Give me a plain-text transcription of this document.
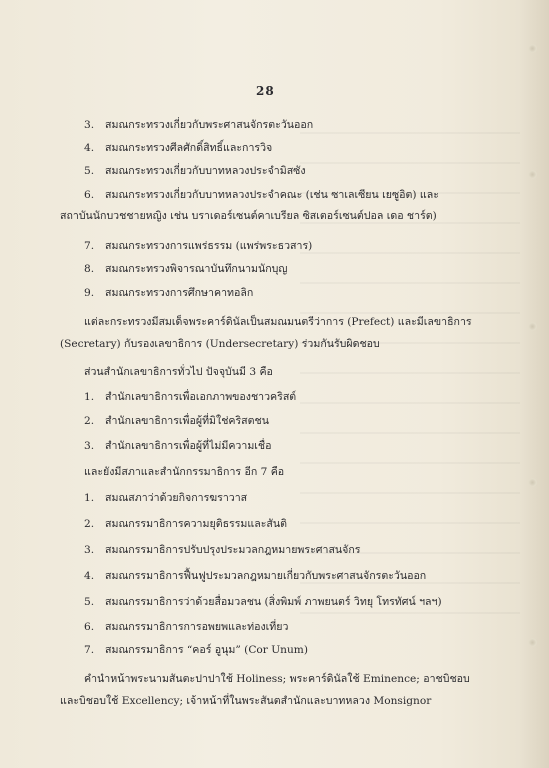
28
3. สมณกระทรวงเกี่ยวกับพระศาสนจักรตะวันออก
4. สมณกระทรวงศีลศักดิ์สิทธิ์และการวิจ
5. สมณกระทรวงเกี่ยวกับบาทหลวงประจำมิสซัง
6. สมณกระทรวงเกี่ยวกับบาทหลวงประจำคณะ (เช่น ซาเลเซียน เยซูอิต) และ
สถาบันนักบวชชายหญิง เช่น บราเดอร์เซนต์คาเบรียล ซิสเตอร์เซนต์ปอล เดอ ชาร์ต)
7. สมณกระทรวงการแพร่ธรรม (แพร่พระธวสาร)
8. สมณกระทรวงพิจารณาบันทึกนามนักบุญ
9. สมณกระทรวงการศึกษาคาทอลิก
แต่ละกระทรวงมีสมเด็จพระคาร์ดินัลเป็นสมณมนตรีว่าการ (Prefect) และมีเลขาธิการ
(Secretary) กับรองเลขาธิการ (Undersecretary) ร่วมกันรับผิดชอบ
ส่วนสำนักเลขาธิการทั่วไป ปัจจุบันมี 3 คือ
1. สำนักเลขาธิการเพื่อเอกภาพของชาวคริสต์
2. สำนักเลขาธิการเพื่อผู้ที่มิใช่คริสตชน
3. สำนักเลขาธิการเพื่อผู้ที่ไม่มีความเชื่อ
และยังมีสภาและสำนักกรรมาธิการ อีก 7 คือ
1. สมณสภาว่าด้วยกิจการฆราวาส
2. สมณกรรมาธิการความยุติธรรมและสันติ
3. สมณกรรมาธิการปรับปรุงประมวลกฎหมายพระศาสนจักร
4. สมณกรรมาธิการฟื้นฟูประมวลกฎหมายเกี่ยวกับพระศาสนจักรตะวันออก
5. สมณกรรมาธิการว่าด้วยสื่อมวลชน (สิ่งพิมพ์ ภาพยนตร์ วิทยุ โทรทัศน์ ฯลฯ)
6. สมณกรรมาธิการการอพยพและท่องเที่ยว
7. สมณกรรมาธิการ “คอร์ อูนุม” (Cor Unum)
คำนำหน้าพระนามสันตะปาปาใช้ Holiness; พระคาร์ดินัลใช้ Eminence; อาชบิชอบ
และบิชอบใช้ Excellency; เจ้าหน้าที่ในพระสันตสำนักและบาทหลวง Monsignor
